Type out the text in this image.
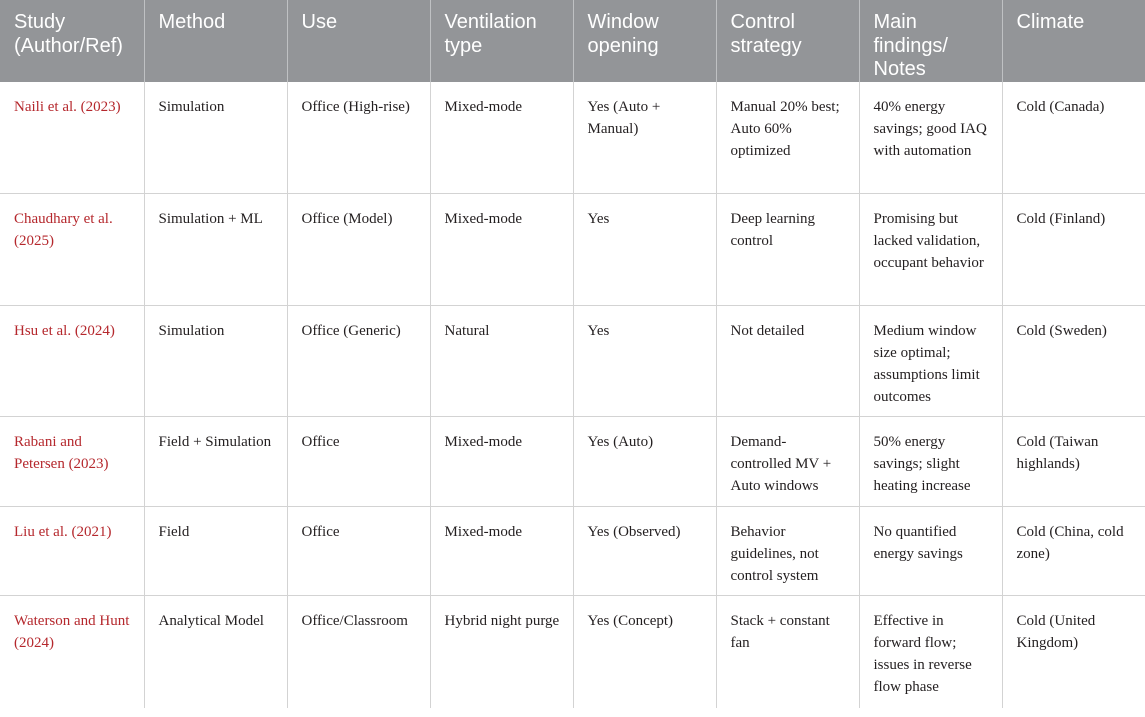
Study (Author/Ref)	Method	Use	Ventilation type	Window opening	Control strategy	Main findings/ Notes	Climate
Naili et al. (2023)	Simulation	Office (High-rise)	Mixed-mode	Yes (Auto + Manual)	Manual 20% best; Auto 60% optimized	40% energy savings; good IAQ with automation	Cold (Canada)
Chaudhary et al. (2025)	Simulation + ML	Office (Model)	Mixed-mode	Yes	Deep learning control	Promising but lacked validation, occupant behavior	Cold (Finland)
Hsu et al. (2024)	Simulation	Office (Generic)	Natural	Yes	Not detailed	Medium window size optimal; assumptions limit outcomes	Cold (Sweden)
Rabani and Petersen (2023)	Field + Simulation	Office	Mixed-mode	Yes (Auto)	Demand-controlled MV + Auto windows	50% energy savings; slight heating increase	Cold (Taiwan highlands)
Liu et al. (2021)	Field	Office	Mixed-mode	Yes (Observed)	Behavior guidelines, not control system	No quantified energy savings	Cold (China, cold zone)
Waterson and Hunt (2024)	Analytical Model	Office/Classroom	Hybrid night purge	Yes (Concept)	Stack + constant fan	Effective in forward flow; issues in reverse flow phase	Cold (United Kingdom)
